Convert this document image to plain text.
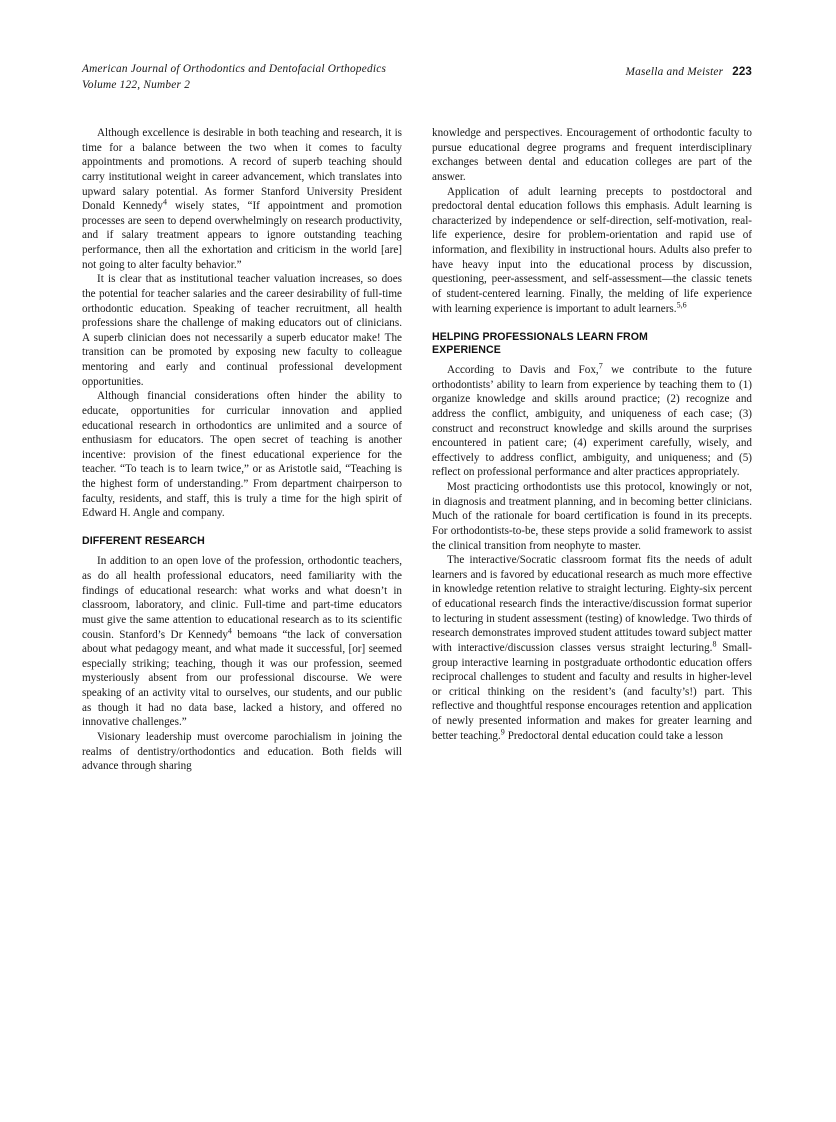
American Journal of Orthodontics and Dentofacial Orthopedics
Volume 122, Number 2
Masella and Meister 223

Although excellence is desirable in both teaching and research, it is time for a balance between the two when it comes to faculty appointments and promotions. A record of superb teaching should carry institutional weight in career advancement, which translates into upward salary potential. As former Stanford University President Donald Kennedy$^4$ wisely states, “If appointment and promotion processes are seen to depend overwhelmingly on research productivity, and if salary treatment appears to ignore outstanding teaching performance, then all the exhortation and criticism in the world [are] not going to alter faculty behavior.”

It is clear that as institutional teacher valuation increases, so does the potential for teacher salaries and the career desirability of full-time orthodontic education. Speaking of teacher recruitment, all health professions share the challenge of making educators out of clinicians. A superb clinician does not necessarily a superb educator make! The transition can be promoted by exposing new faculty to colleague mentoring and early and continual professional development opportunities.

Although financial considerations often hinder the ability to educate, opportunities for curricular innovation and applied educational research in orthodontics are unlimited and a source of enthusiasm for educators. The open secret of teaching is another incentive: provision of the finest educational experience for the teacher. “To teach is to learn twice,” or as Aristotle said, “Teaching is the highest form of understanding.” From department chairperson to faculty, residents, and staff, this is truly a time for the high spirit of Edward H. Angle and company.

DIFFERENT RESEARCH

In addition to an open love of the profession, orthodontic teachers, as do all health professional educators, need familiarity with the findings of educational research: what works and what doesn’t in classroom, laboratory, and clinic. Full-time and part-time educators must give the same attention to educational research as to its scientific cousin. Stanford’s Dr Kennedy$^4$ bemoans “the lack of conversation about what pedagogy meant, and what made it successful, [or] seemed especially striking; teaching, though it was our profession, seemed mysteriously absent from our professional discourse. We were speaking of an activity vital to ourselves, our students, and our public as though it had no data base, lacked a history, and offered no innovative challenges.”

Visionary leadership must overcome parochialism in joining the realms of dentistry/orthodontics and education. Both fields will advance through sharing

knowledge and perspectives. Encouragement of orthodontic faculty to pursue educational degree programs and frequent interdisciplinary exchanges between dental and education colleges are part of the answer.

Application of adult learning precepts to postdoctoral and predoctoral dental education follows this emphasis. Adult learning is characterized by independence or self-direction, self-motivation, real-life experience, desire for problem-orientation and rapid use of information, and flexibility in instructional hours. Adults also prefer to have heavy input into the educational process by discussion, questioning, peer-assessment, and self-assessment—the classic tenets of student-centered learning. Finally, the melding of life experience with learning experience is important to adult learners.$^{5,6}$

HELPING PROFESSIONALS LEARN FROM
EXPERIENCE

According to Davis and Fox,$^7$ we contribute to the future orthodontists’ ability to learn from experience by teaching them to (1) organize knowledge and skills around practice; (2) recognize and address the conflict, ambiguity, and uniqueness of each case; (3) construct and reconstruct knowledge and skills around the surprises encountered in patient care; (4) experiment carefully, wisely, and effectively to address conflict, ambiguity, and uniqueness; and (5) reflect on professional performance and alter practices appropriately.

Most practicing orthodontists use this protocol, knowingly or not, in diagnosis and treatment planning, and in becoming better clinicians. Much of the rationale for board certification is found in its precepts. For orthodontists-to-be, these steps provide a solid framework to assist the clinical transition from neophyte to master.

The interactive/Socratic classroom format fits the needs of adult learners and is favored by educational research as much more effective in knowledge retention relative to straight lecturing. Eighty-six percent of educational research finds the interactive/discussion format superior to lecturing in student assessment (testing) of knowledge. Two thirds of research demonstrates improved student attitudes toward subject matter with interactive/discussion classes versus straight lecturing.$^8$ Small-group interactive learning in postgraduate orthodontic education offers reciprocal challenges to student and faculty and results in higher-level or critical thinking on the resident’s (and faculty’s!) part. This reflective and thoughtful response encourages retention and application of newly presented information and makes for greater learning and better teaching.$^9$ Predoctoral dental education could take a lesson
